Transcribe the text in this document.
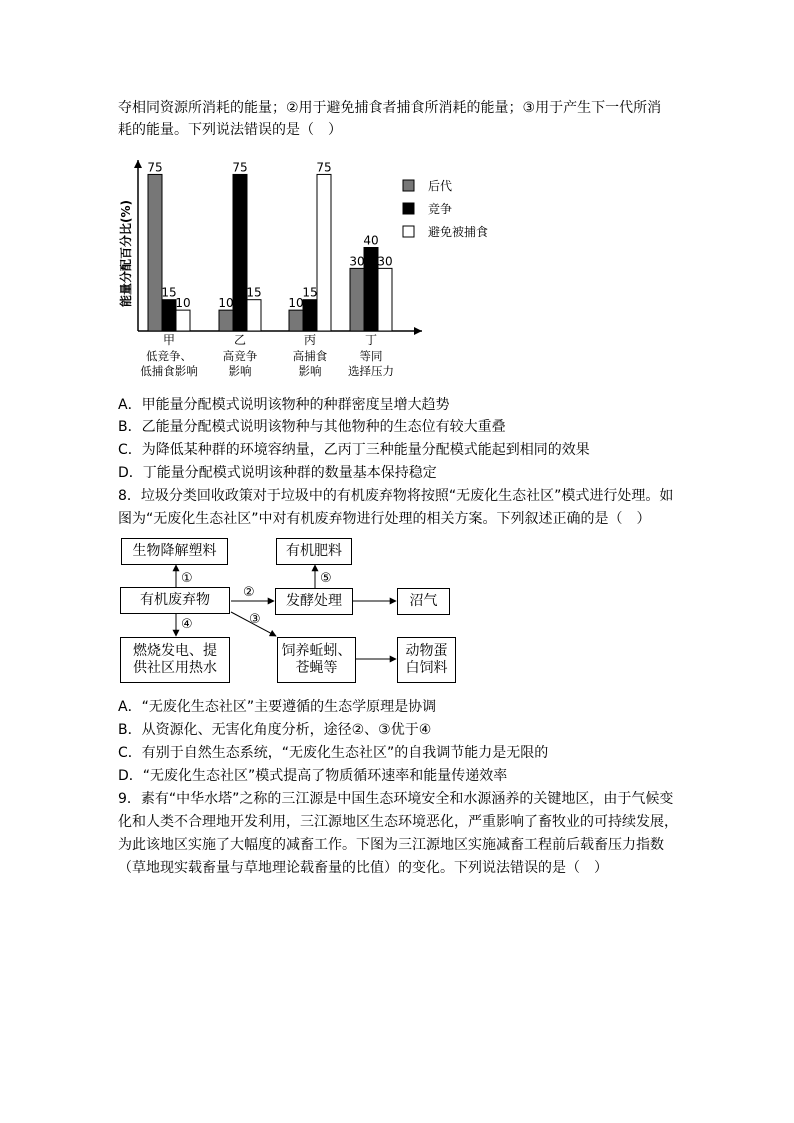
夺相同资源所消耗的能量；②用于避免捕食者捕食所消耗的能量；③用于产生下一代所消
耗的能量。下列说法错误的是（　）
能量分配百分比(%)
75
15
10
甲
低竞争、
低捕食影响
10
75
15
乙
高竞争
影响
10
15
75
丙
高捕食
影响
30
40
30
丁
等同
选择压力
后代
竞争
避免被捕食
A．甲能量分配模式说明该物种的种群密度呈增大趋势
B．乙能量分配模式说明该物种与其他物种的生态位有较大重叠
C．为降低某种群的环境容纳量，乙丙丁三种能量分配模式能起到相同的效果
D．丁能量分配模式说明该种群的数量基本保持稳定
8．垃圾分类回收政策对于垃圾中的有机废弃物将按照“无废化生态社区”模式进行处理。如
图为“无废化生态社区”中对有机废弃物进行处理的相关方案。下列叙述正确的是（　）
①
②
③
④
⑤
生物降解塑料	有机肥料
有机废弃物	发酵处理	沼气
燃烧发电、提
供社区用热水
饲养蚯蚓、
苍蝇等
动物蛋
白饲料
A．“无废化生态社区”主要遵循的生态学原理是协调
B．从资源化、无害化角度分析，途径②、③优于④
C．有别于自然生态系统，“无废化生态社区”的自我调节能力是无限的
D．“无废化生态社区”模式提高了物质循环速率和能量传递效率
9．素有“中华水塔”之称的三江源是中国生态环境安全和水源涵养的关键地区，由于气候变
化和人类不合理地开发利用，三江源地区生态环境恶化，严重影响了畜牧业的可持续发展，
为此该地区实施了大幅度的减畜工作。下图为三江源地区实施减畜工程前后载畜压力指数
（草地现实载畜量与草地理论载畜量的比值）的变化。下列说法错误的是（　）
